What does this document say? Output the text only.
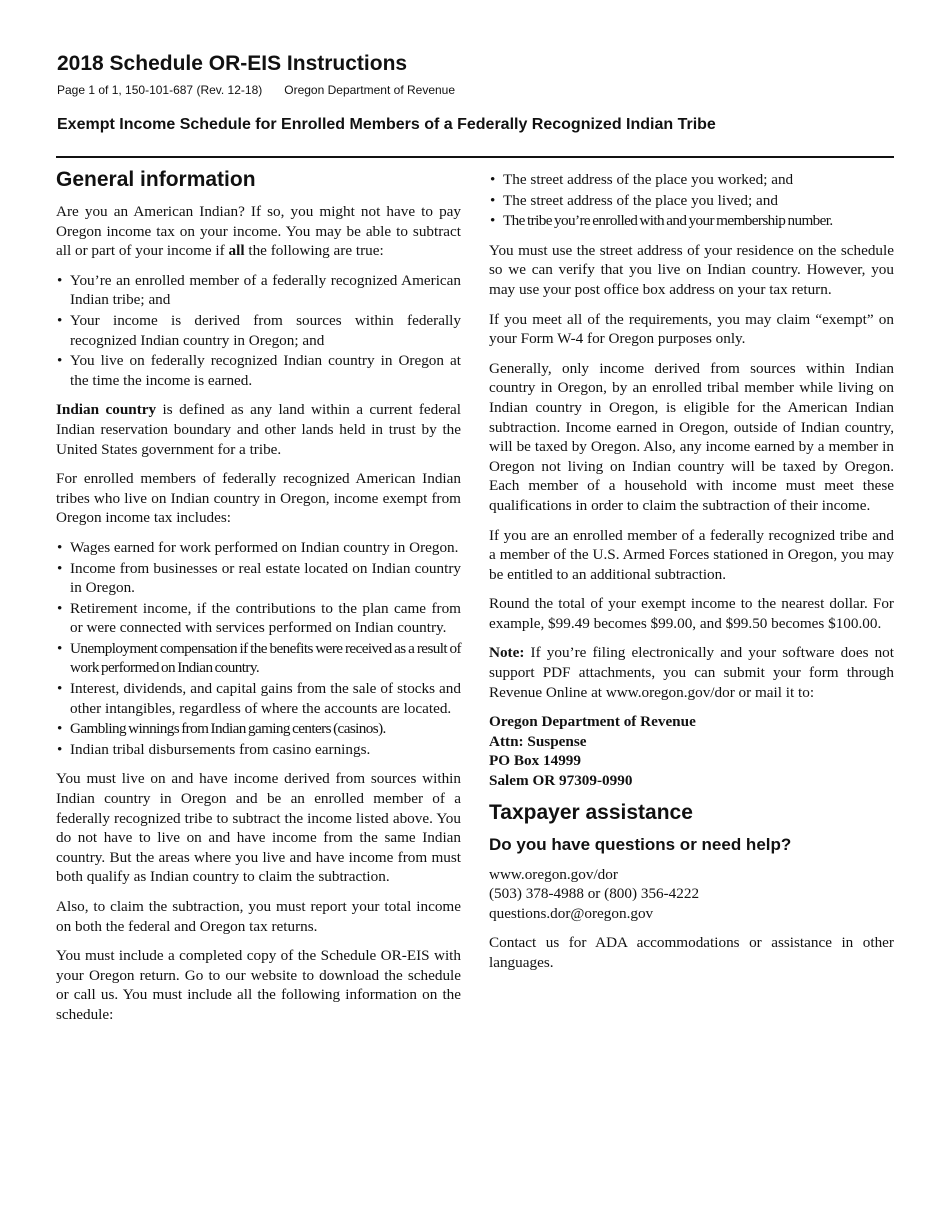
2018 Schedule OR-EIS Instructions
Page 1 of 1, 150-101-687 (Rev. 12-18) Oregon Department of Revenue
Exempt Income Schedule for Enrolled Members of a Federally Recognized Indian Tribe
General information

Are you an American Indian? If so, you might not have to pay Oregon income tax on your income. You may be able to subtract all or part of your income if all the following are true:

• You’re an enrolled member of a federally recognized American Indian tribe; and
• Your income is derived from sources within federally recognized Indian country in Oregon; and
• You live on federally recognized Indian country in Oregon at the time the income is earned.

Indian country is defined as any land within a current federal Indian reservation boundary and other lands held in trust by the United States government for a tribe.

For enrolled members of federally recognized American Indian tribes who live on Indian country in Oregon, income exempt from Oregon income tax includes:

• Wages earned for work performed on Indian country in Oregon.
• Income from businesses or real estate located on Indian country in Oregon.
• Retirement income, if the contributions to the plan came from or were connected with services performed on Indian country.
• Unemployment compensation if the benefits were received as a result of work performed on Indian country.
• Interest, dividends, and capital gains from the sale of stocks and other intangibles, regardless of where the accounts are located.
• Gambling winnings from Indian gaming centers (casinos).
• Indian tribal disbursements from casino earnings.

You must live on and have income derived from sources within Indian country in Oregon and be an enrolled member of a federally recognized tribe to subtract the income listed above. You do not have to live on and have income from the same Indian country. But the areas where you live and have income from must both qualify as Indian country to claim the subtraction.

Also, to claim the subtraction, you must report your total income on both the federal and Oregon tax returns.

You must include a completed copy of the Schedule OR-EIS with your Oregon return. Go to our website to download the schedule or call us. You must include all the following information on the schedule:

• The street address of the place you worked; and
• The street address of the place you lived; and
• The tribe you’re enrolled with and your membership number.

You must use the street address of your residence on the schedule so we can verify that you live on Indian country. However, you may use your post office box address on your tax return.

If you meet all of the requirements, you may claim “exempt” on your Form W-4 for Oregon purposes only.

Generally, only income derived from sources within Indian country in Oregon, by an enrolled tribal member while living on Indian country in Oregon, is eligible for the American Indian subtraction. Income earned in Oregon, outside of Indian country, will be taxed by Oregon. Also, any income earned by a member in Oregon not living on Indian country will be taxed by Oregon. Each member of a household with income must meet these qualifications in order to claim the subtraction of their income.

If you are an enrolled member of a federally recognized tribe and a member of the U.S. Armed Forces stationed in Oregon, you may be entitled to an additional subtraction.

Round the total of your exempt income to the nearest dollar. For example, $99.49 becomes $99.00, and $99.50 becomes $100.00.

Note: If you’re filing electronically and your software does not support PDF attachments, you can submit your form through Revenue Online at www.oregon.gov/dor or mail it to:

Oregon Department of Revenue
Attn: Suspense
PO Box 14999
Salem OR 97309-0990
Taxpayer assistance
Do you have questions or need help?
www.oregon.gov/dor
(503) 378-4988 or (800) 356-4222
questions.dor@oregon.gov

Contact us for ADA accommodations or assistance in other languages.
